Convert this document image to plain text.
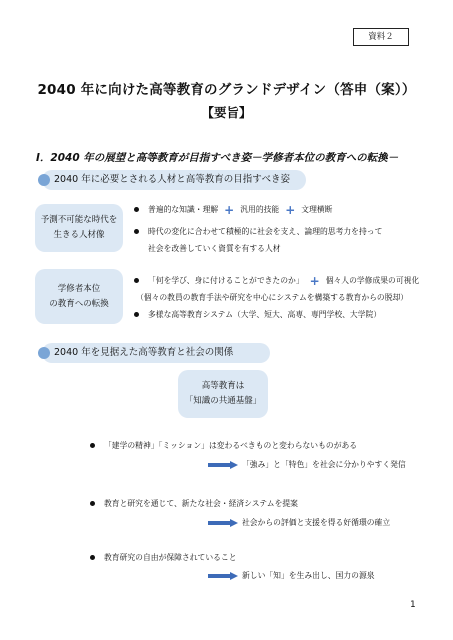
資料２
2040 年に向けた高等教育のグランドデザイン（答申（案））
【要旨】
Ⅰ．2040 年の展望と高等教育が目指すべき姿－学修者本位の教育への転換－
2040 年に必要とされる人材と高等教育の目指すべき姿
予測不可能な時代を
生きる人材像
普遍的な知識・理解 + 汎用的技能 + 文理横断
時代の変化に合わせて積極的に社会を支え、論理的思考力を持って
社会を改善していく資質を有する人材
学修者本位
の教育への転換
「何を学び、身に付けることができたのか」 + 個々人の学修成果の可視化
（個々の教員の教育手法や研究を中心にシステムを構築する教育からの脱却）
多様な高等教育システム（大学、短大、高専、専門学校、大学院）
2040 年を見据えた高等教育と社会の関係
高等教育は
「知識の共通基盤」
「建学の精神」「ミッション」は変わるべきものと変わらないものがある
「強み」と「特色」を社会に分かりやすく発信
教育と研究を通じて、新たな社会・経済システムを提案
社会からの評価と支援を得る好循環の確立
教育研究の自由が保障されていること
新しい「知」を生み出し、国力の源泉
1
